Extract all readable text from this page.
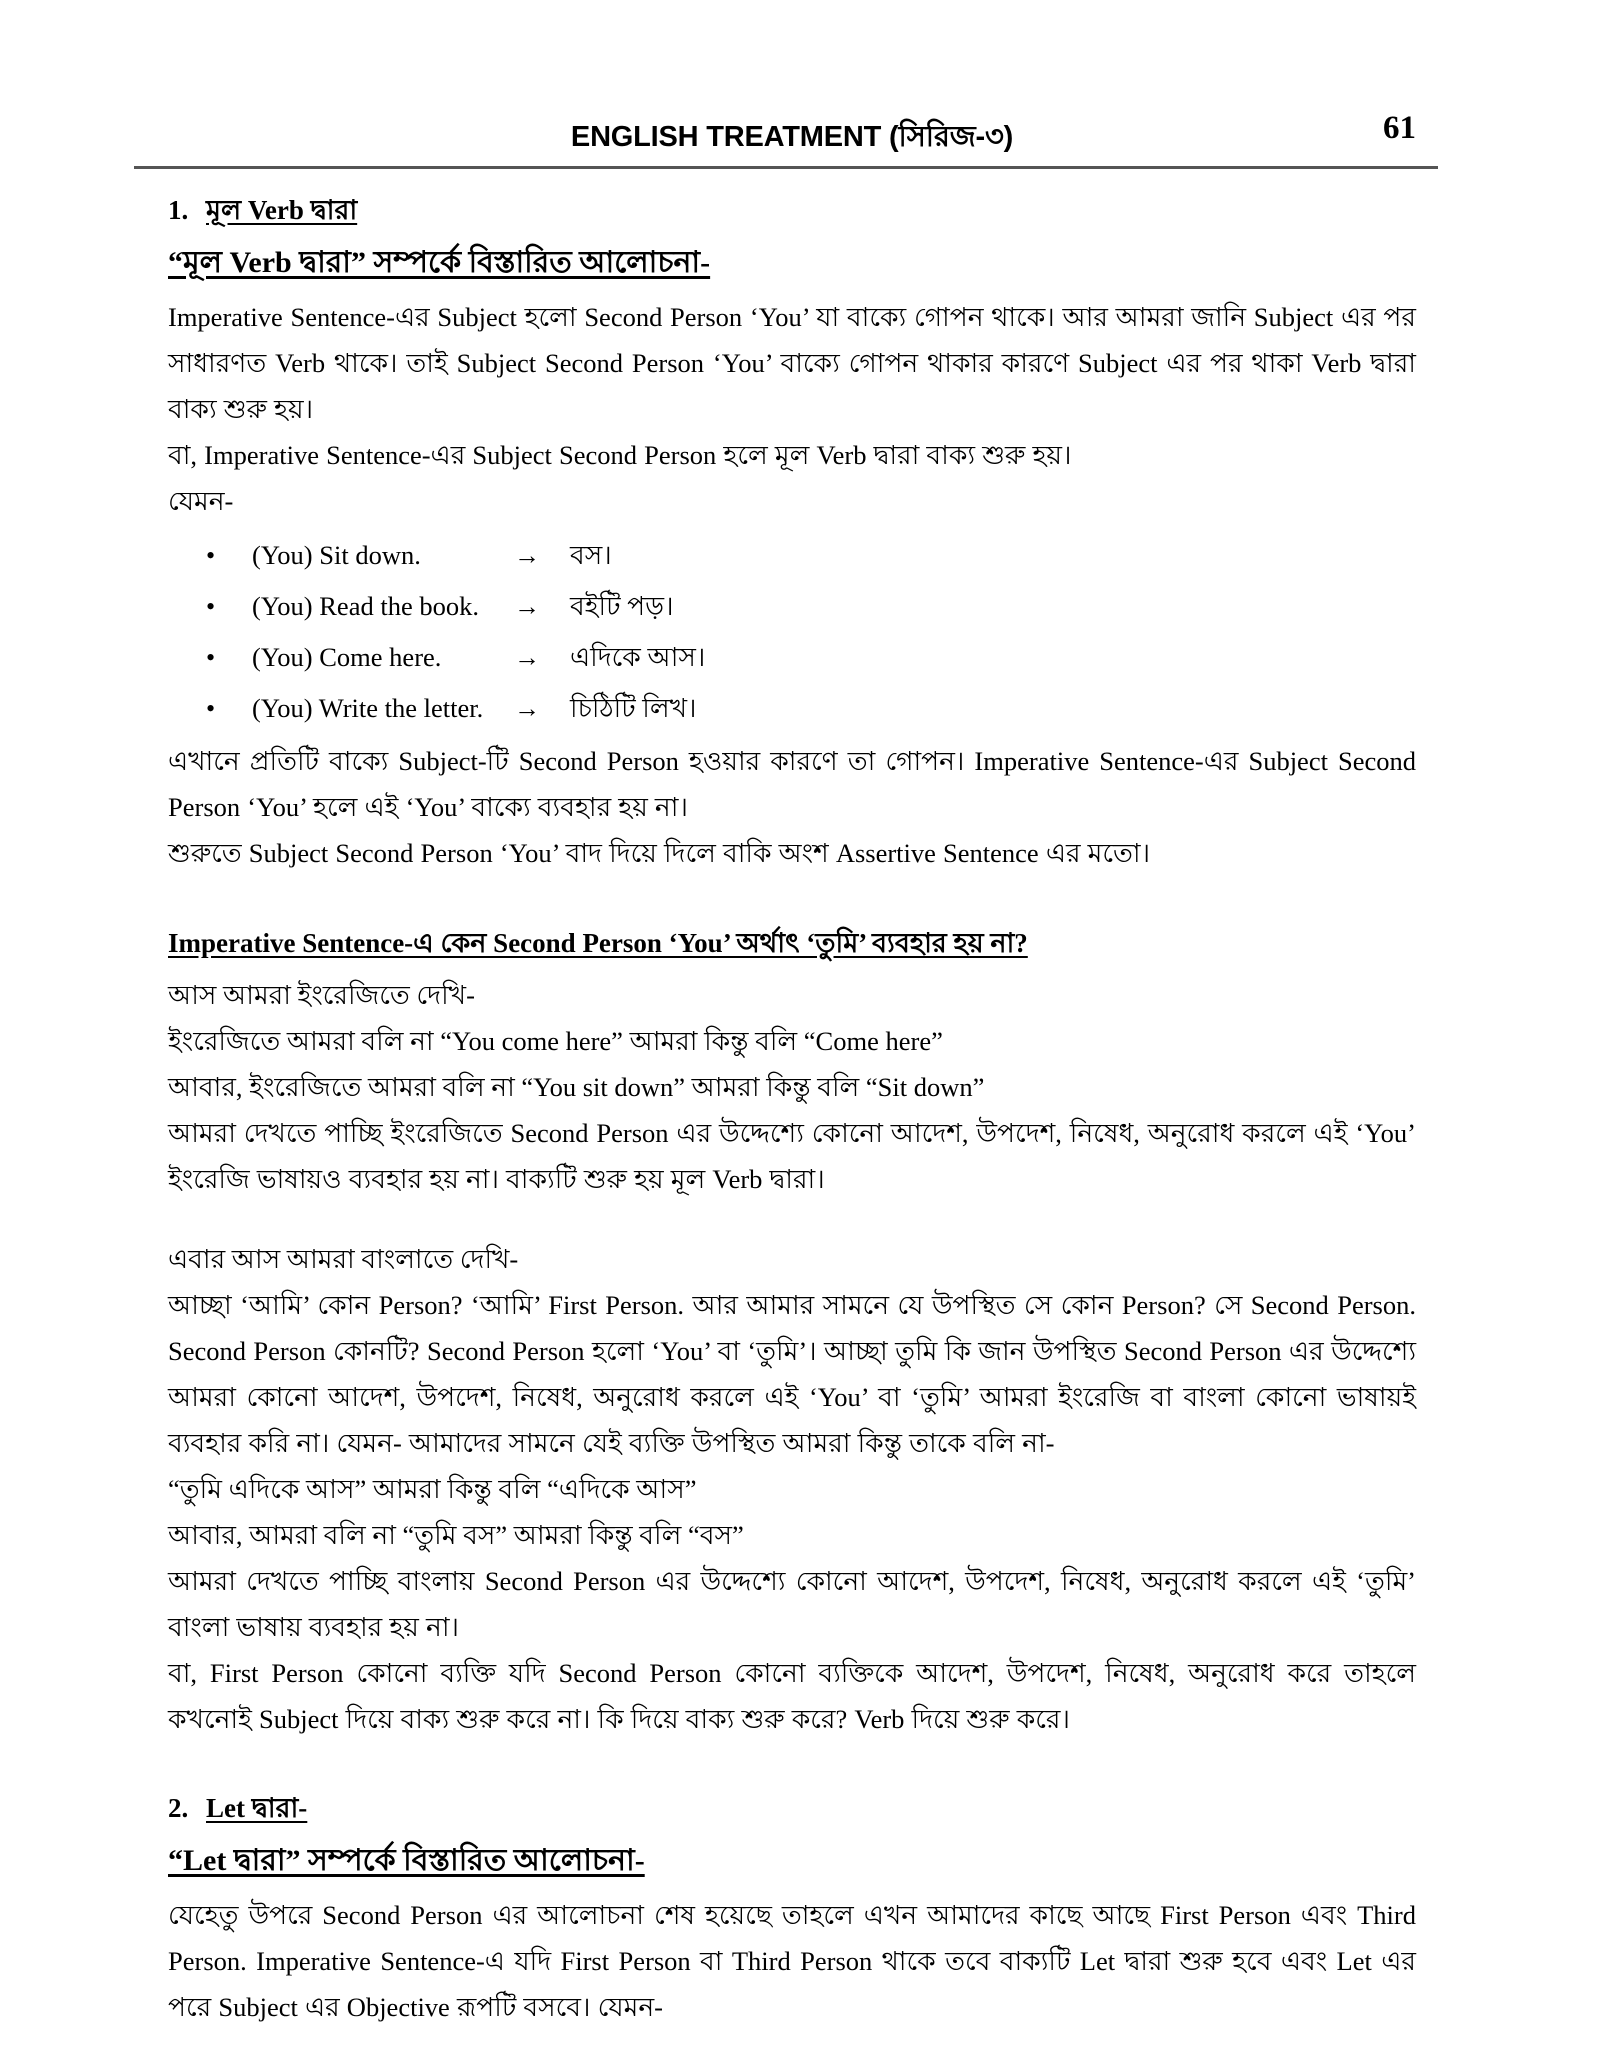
ENGLISH TREATMENT (সিরিজ-৩)	61
1. মূল Verb দ্বারা
“মূল Verb দ্বারা” সম্পর্কে বিস্তারিত আলোচনা-

Imperative Sentence-এর Subject হলো Second Person ‘You’ যা বাক্যে গোপন থাকে। আর আমরা জানি Subject এর পর সাধারণত Verb থাকে। তাই Subject Second Person ‘You’ বাক্যে গোপন থাকার কারণে Subject এর পর থাকা Verb দ্বারা বাক্য শুরু হয়।

বা, Imperative Sentence-এর Subject Second Person হলে মূল Verb দ্বারা বাক্য শুরু হয়।

যেমন-

•	(You) Sit down.	→	বস।
•	(You) Read the book.	→	বইটি পড়।
•	(You) Come here.	→	এদিকে আস।
•	(You) Write the letter.	→	চিঠিটি লিখ।

এখানে প্রতিটি বাক্যে Subject-টি Second Person হওয়ার কারণে তা গোপন। Imperative Sentence-এর Subject Second Person ‘You’ হলে এই ‘You’ বাক্যে ব্যবহার হয় না।

শুরুতে Subject Second Person ‘You’ বাদ দিয়ে দিলে বাকি অংশ Assertive Sentence এর মতো।

Imperative Sentence-এ কেন Second Person ‘You’ অর্থাৎ ‘তুমি’ ব্যবহার হয় না?

আস আমরা ইংরেজিতে দেখি-

ইংরেজিতে আমরা বলি না “You come here” আমরা কিন্তু বলি “Come here”

আবার, ইংরেজিতে আমরা বলি না “You sit down” আমরা কিন্তু বলি “Sit down”

আমরা দেখতে পাচ্ছি ইংরেজিতে Second Person এর উদ্দেশ্যে কোনো আদেশ, উপদেশ, নিষেধ, অনুরোধ করলে এই ‘You’ ইংরেজি ভাষায়ও ব্যবহার হয় না। বাক্যটি শুরু হয় মূল Verb দ্বারা।

এবার আস আমরা বাংলাতে দেখি-

আচ্ছা ‘আমি’ কোন Person? ‘আমি’ First Person. আর আমার সামনে যে উপস্থিত সে কোন Person? সে Second Person. Second Person কোনটি? Second Person হলো ‘You’ বা ‘তুমি’। আচ্ছা তুমি কি জান উপস্থিত Second Person এর উদ্দেশ্যে আমরা কোনো আদেশ, উপদেশ, নিষেধ, অনুরোধ করলে এই ‘You’ বা ‘তুমি’ আমরা ইংরেজি বা বাংলা কোনো ভাষায়ই ব্যবহার করি না। যেমন- আমাদের সামনে যেই ব্যক্তি উপস্থিত আমরা কিন্তু তাকে বলি না-

“তুমি এদিকে আস” আমরা কিন্তু বলি “এদিকে আস”

আবার, আমরা বলি না “তুমি বস” আমরা কিন্তু বলি “বস”

আমরা দেখতে পাচ্ছি বাংলায় Second Person এর উদ্দেশ্যে কোনো আদেশ, উপদেশ, নিষেধ, অনুরোধ করলে এই ‘তুমি’ বাংলা ভাষায় ব্যবহার হয় না।

বা, First Person কোনো ব্যক্তি যদি Second Person কোনো ব্যক্তিকে আদেশ, উপদেশ, নিষেধ, অনুরোধ করে তাহলে কখনোই Subject দিয়ে বাক্য শুরু করে না। কি দিয়ে বাক্য শুরু করে? Verb দিয়ে শুরু করে।

2. Let দ্বারা-
“Let দ্বারা” সম্পর্কে বিস্তারিত আলোচনা-

যেহেতু উপরে Second Person এর আলোচনা শেষ হয়েছে তাহলে এখন আমাদের কাছে আছে First Person এবং Third Person. Imperative Sentence-এ যদি First Person বা Third Person থাকে তবে বাক্যটি Let দ্বারা শুরু হবে এবং Let এর পরে Subject এর Objective রূপটি বসবে। যেমন-
